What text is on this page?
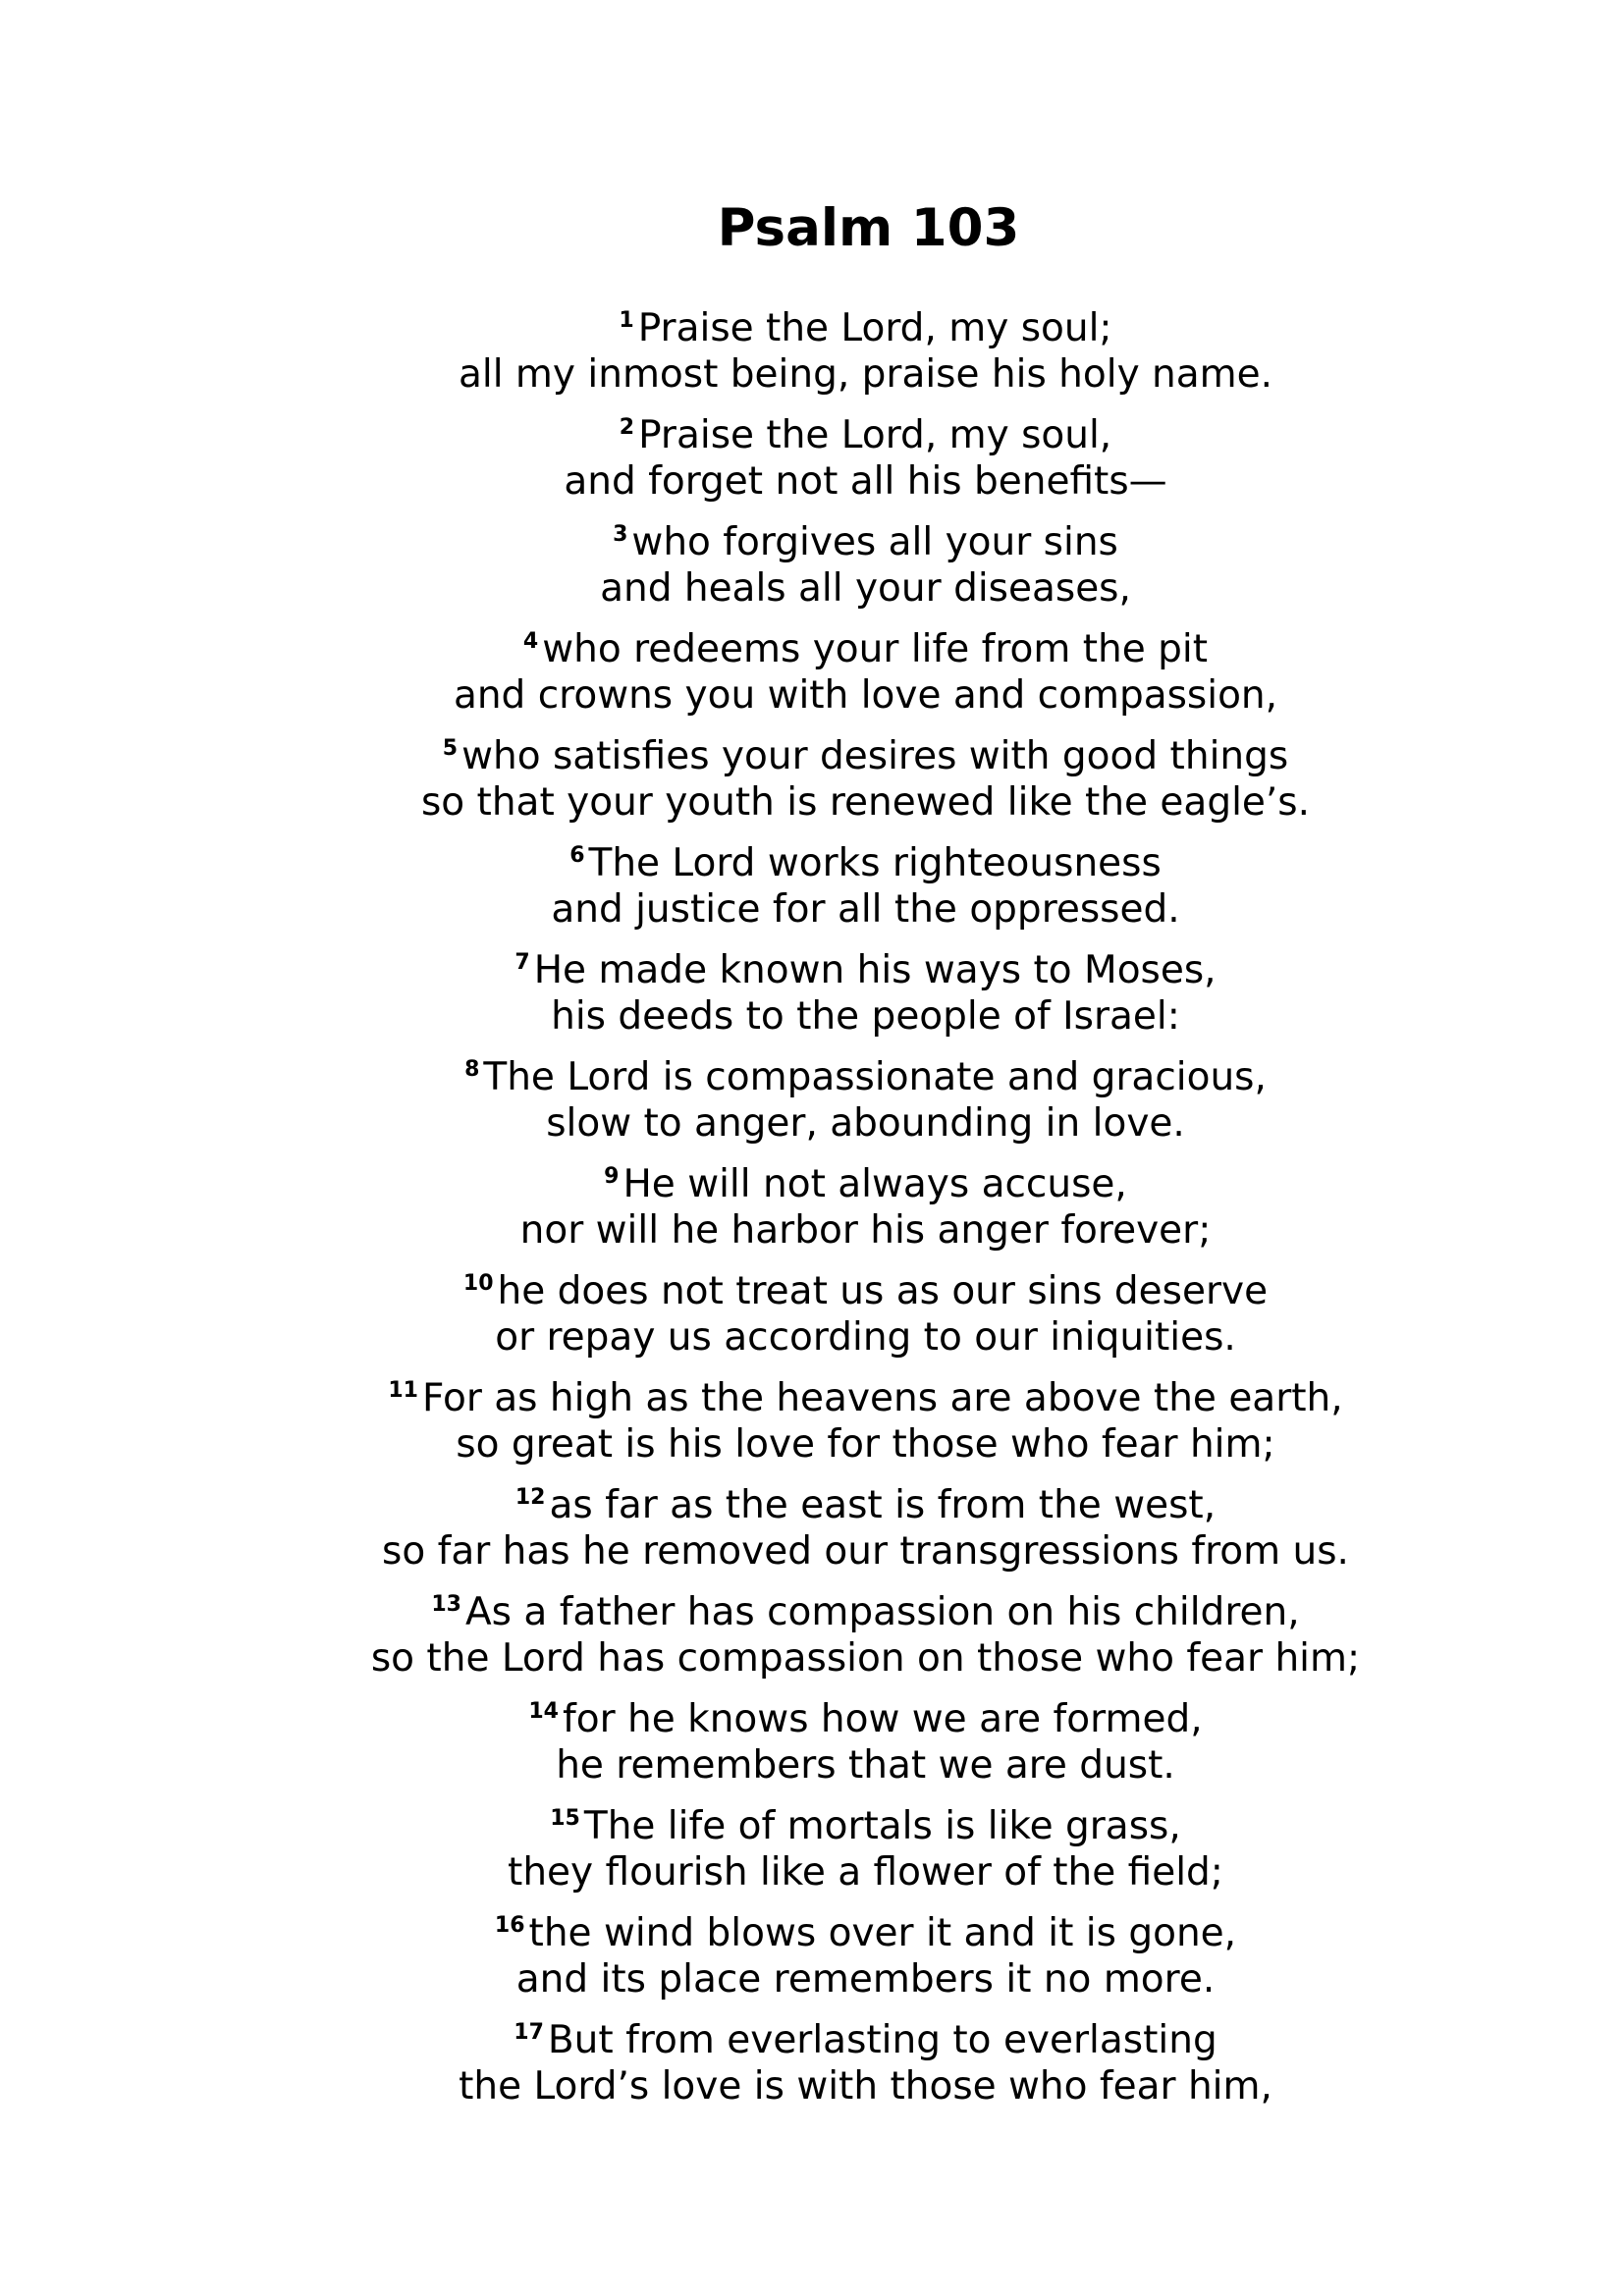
Psalm 103
$^1$ Praise the Lord, my soul;
all my inmost being, praise his holy name.
$^2$ Praise the Lord, my soul,
and forget not all his benefits—
$^3$ who forgives all your sins
and heals all your diseases,
$^4$ who redeems your life from the pit
and crowns you with love and compassion,
$^5$ who satisfies your desires with good things
so that your youth is renewed like the eagle’s.
$^6$ The Lord works righteousness
and justice for all the oppressed.
$^7$ He made known his ways to Moses,
his deeds to the people of Israel:
$^8$ The Lord is compassionate and gracious,
slow to anger, abounding in love.
$^9$ He will not always accuse,
nor will he harbor his anger forever;
$^{10}$ he does not treat us as our sins deserve
or repay us according to our iniquities.
$^{11}$ For as high as the heavens are above the earth,
so great is his love for those who fear him;
$^{12}$ as far as the east is from the west,
so far has he removed our transgressions from us.
$^{13}$ As a father has compassion on his children,
so the Lord has compassion on those who fear him;
$^{14}$ for he knows how we are formed,
he remembers that we are dust.
$^{15}$ The life of mortals is like grass,
they flourish like a flower of the field;
$^{16}$ the wind blows over it and it is gone,
and its place remembers it no more.
$^{17}$ But from everlasting to everlasting
the Lord’s love is with those who fear him,
